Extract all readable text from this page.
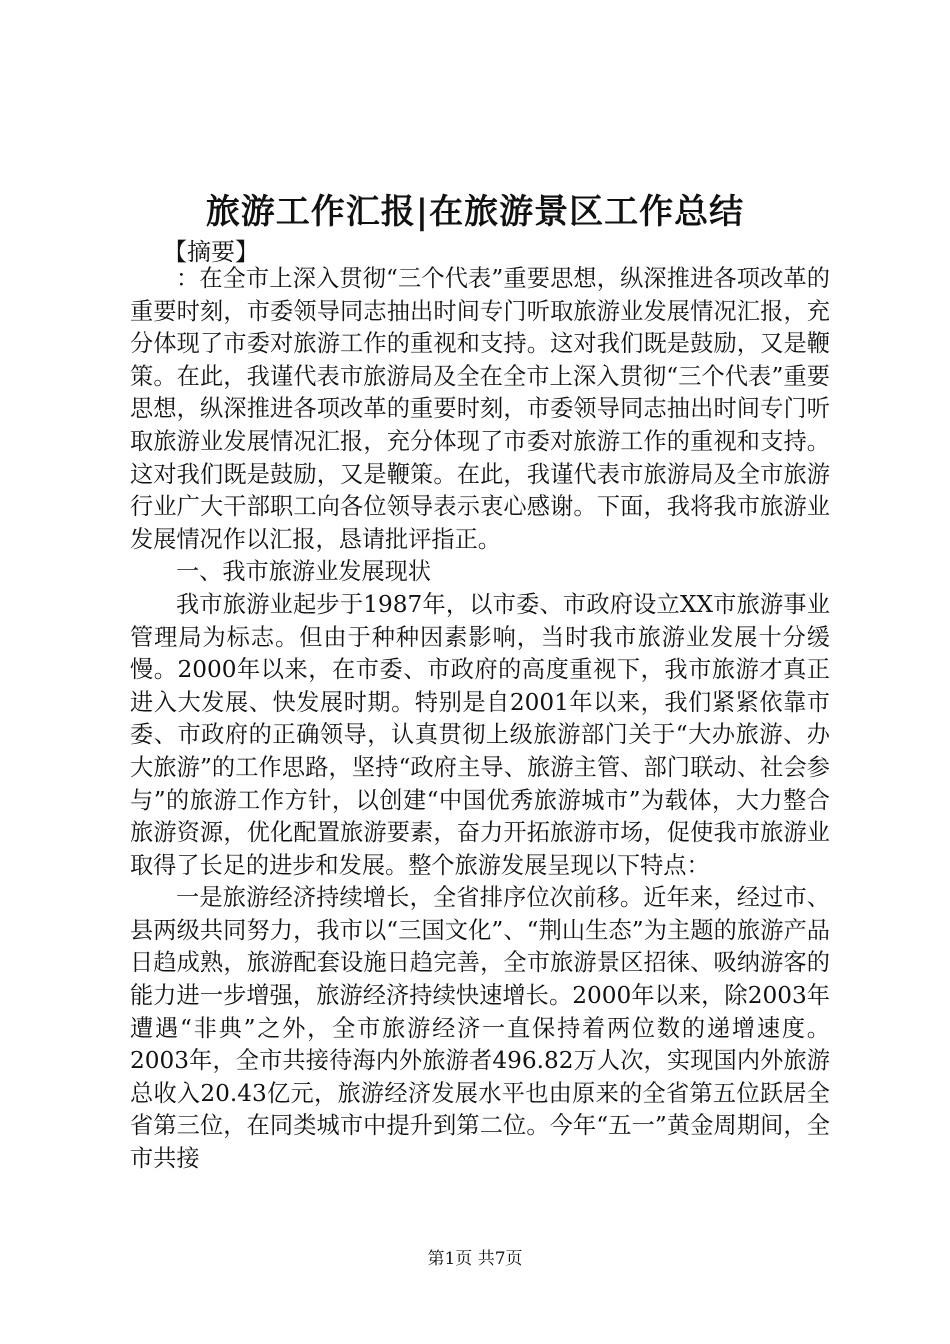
旅游工作汇报|在旅游景区工作总结
【摘要】

：在全市上深入贯彻“三个代表”重要思想，纵深推进各项改革的重要时刻，市委领导同志抽出时间专门听取旅游业发展情况汇报，充分体现了市委对旅游工作的重视和支持。这对我们既是鼓励，又是鞭策。在此，我谨代表市旅游局及全在全市上深入贯彻“三个代表”重要思想，纵深推进各项改革的重要时刻，市委领导同志抽出时间专门听取旅游业发展情况汇报，充分体现了市委对旅游工作的重视和支持。这对我们既是鼓励，又是鞭策。在此，我谨代表市旅游局及全市旅游行业广大干部职工向各位领导表示衷心感谢。下面，我将我市旅游业发展情况作以汇报，恳请批评指正。

一、我市旅游业发展现状

我市旅游业起步于1987年，以市委、市政府设立XX市旅游事业管理局为标志。但由于种种因素影响，当时我市旅游业发展十分缓慢。2000年以来，在市委、市政府的高度重视下，我市旅游才真正进入大发展、快发展时期。特别是自2001年以来，我们紧紧依靠市委、市政府的正确领导，认真贯彻上级旅游部门关于“大办旅游、办大旅游”的工作思路，坚持“政府主导、旅游主管、部门联动、社会参与”的旅游工作方针，以创建“中国优秀旅游城市”为载体，大力整合旅游资源，优化配置旅游要素，奋力开拓旅游市场，促使我市旅游业取得了长足的进步和发展。整个旅游发展呈现以下特点：

一是旅游经济持续增长，全省排序位次前移。近年来，经过市、县两级共同努力，我市以“三国文化”、“荆山生态”为主题的旅游产品日趋成熟，旅游配套设施日趋完善，全市旅游景区招徕、吸纳游客的能力进一步增强，旅游经济持续快速增长。2000年以来，除2003年遭遇“非典”之外，全市旅游经济一直保持着两位数的递增速度。2003年，全市共接待海内外旅游者496.82万人次，实现国内外旅游总收入20.43亿元，旅游经济发展水平也由原来的全省第五位跃居全省第三位，在同类城市中提升到第二位。今年“五一”黄金周期间，全市共接

第1页 共7页
